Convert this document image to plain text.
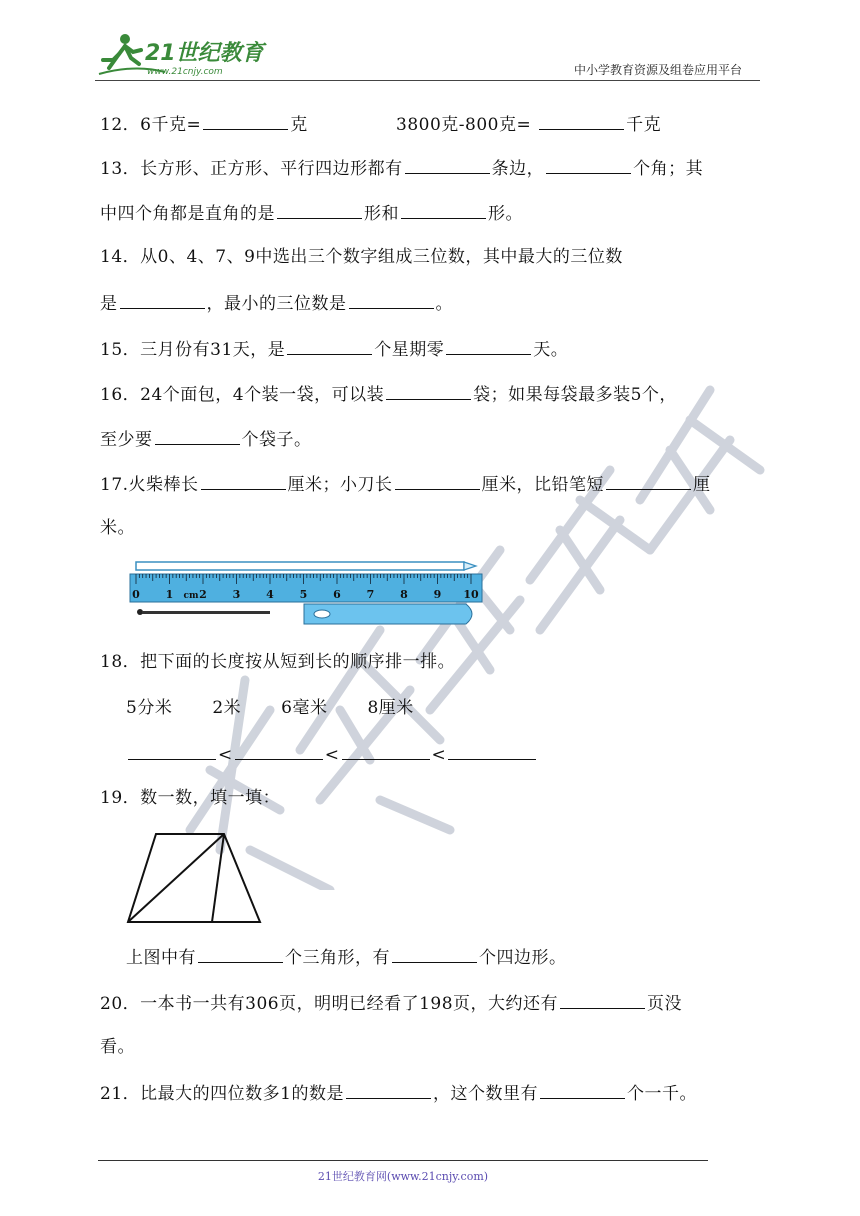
21世纪教育
www.21cnjy.com	中小学教育资源及组卷应用平台
12．6千克=	克	3800克-800克=	千克
13．长方形、正方形、平行四边形都有	条边，	个角；其
中四个角都是直角的是	形和	形。
14．从0、4、7、9中选出三个数字组成三位数，其中最大的三位数
是	，最小的三位数是	。
15．三月份有31天，是	个星期零	天。
16．24个面包，4个装一袋，可以装	袋；如果每袋最多装5个，
至少要	个袋子。
17.火柴棒长	厘米；小刀长	厘米，比铅笔短	厘
米。
0 1 2 3 4 5 6 7 8 9 10
cm
18．把下面的长度按从短到长的顺序排一排。
5分米 2米 6毫米 8厘米
<	<	<
19．数一数，填一填：
上图中有	个三角形，有	个四边形。
20．一本书一共有306页，明明已经看了198页，大约还有	页没
看。
21．比最大的四位数多1的数是	，这个数里有	个一千。
21世纪教育网(www.21cnjy.com)
